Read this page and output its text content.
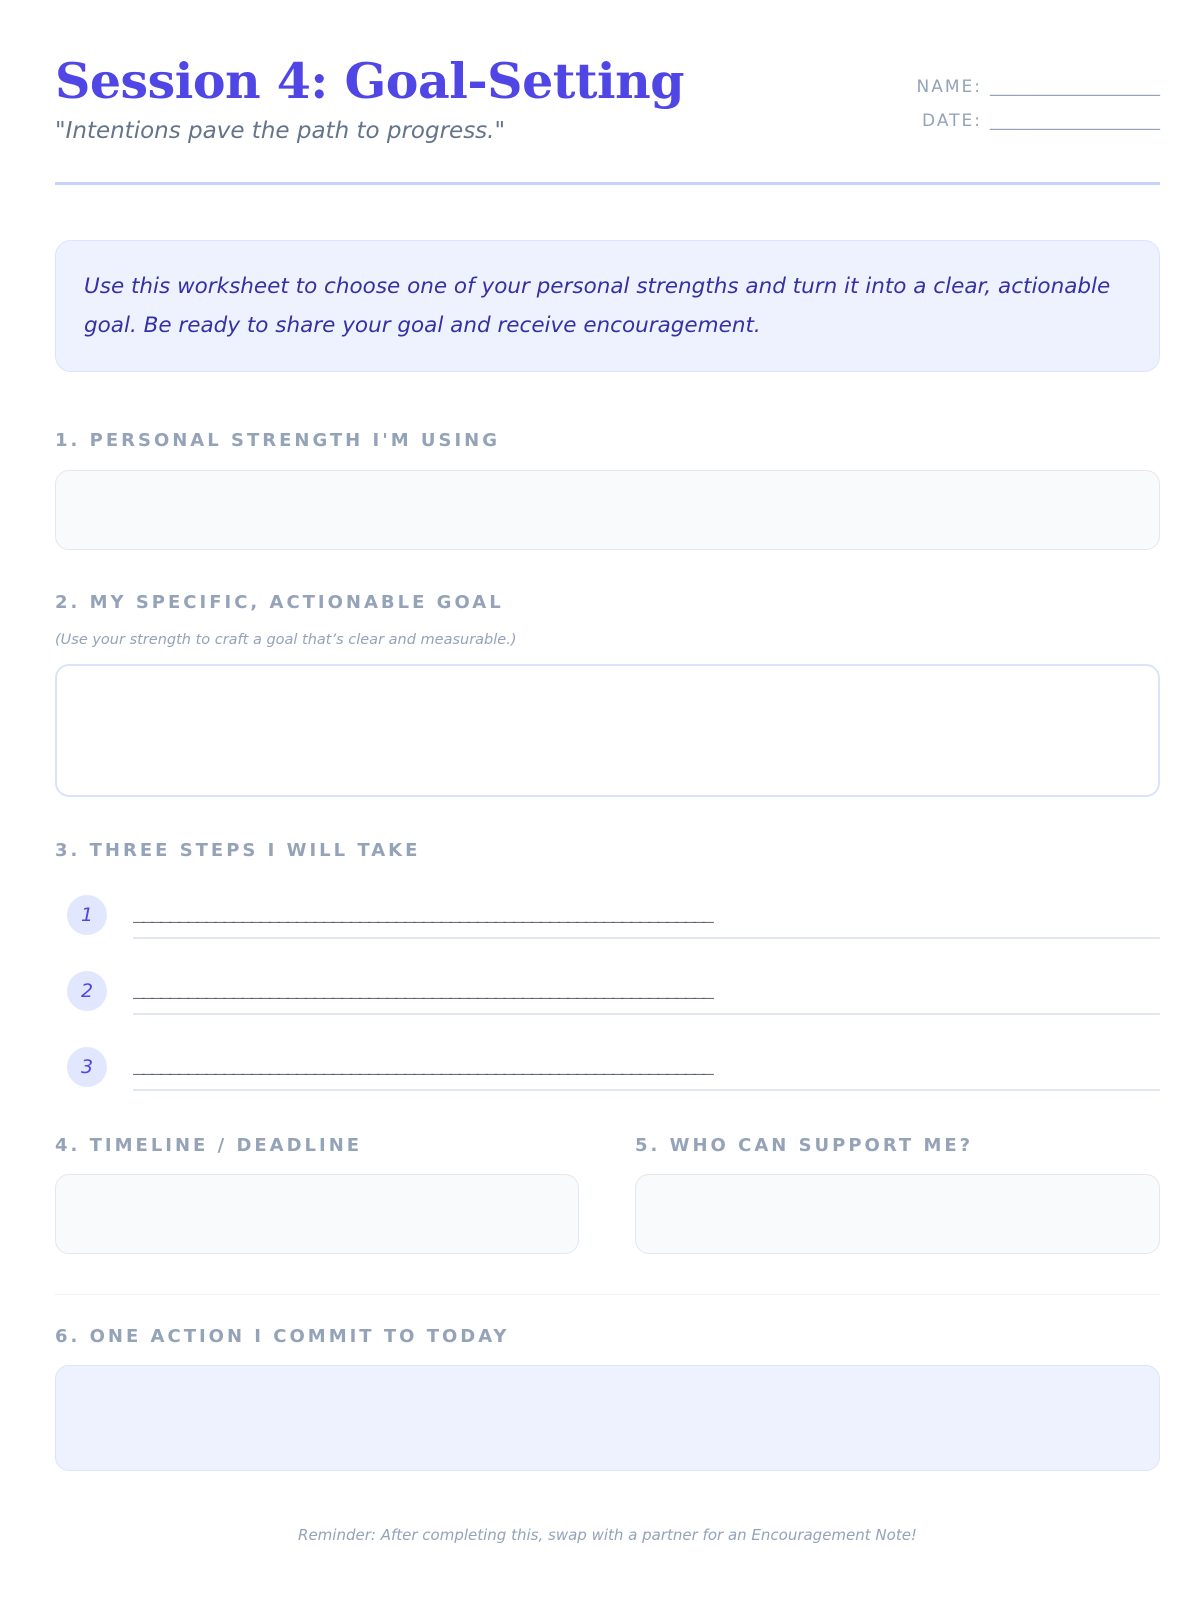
Session 4: Goal-Setting
"Intentions pave the path to progress."
NAME: ____________________
DATE: ____________________
Use this worksheet to choose one of your personal strengths and turn it into a clear, actionable goal. Be ready to share your goal and receive encouragement.
1. PERSONAL STRENGTH I'M USING
2. MY SPECIFIC, ACTIONABLE GOAL
(Use your strength to craft a goal that’s clear and measurable.)
3. THREE STEPS I WILL TAKE
1	________________________________________________________________
2	________________________________________________________________
3	________________________________________________________________
4. TIMELINE / DEADLINE	5. WHO CAN SUPPORT ME?
6. ONE ACTION I COMMIT TO TODAY
Reminder: After completing this, swap with a partner for an Encouragement Note!
